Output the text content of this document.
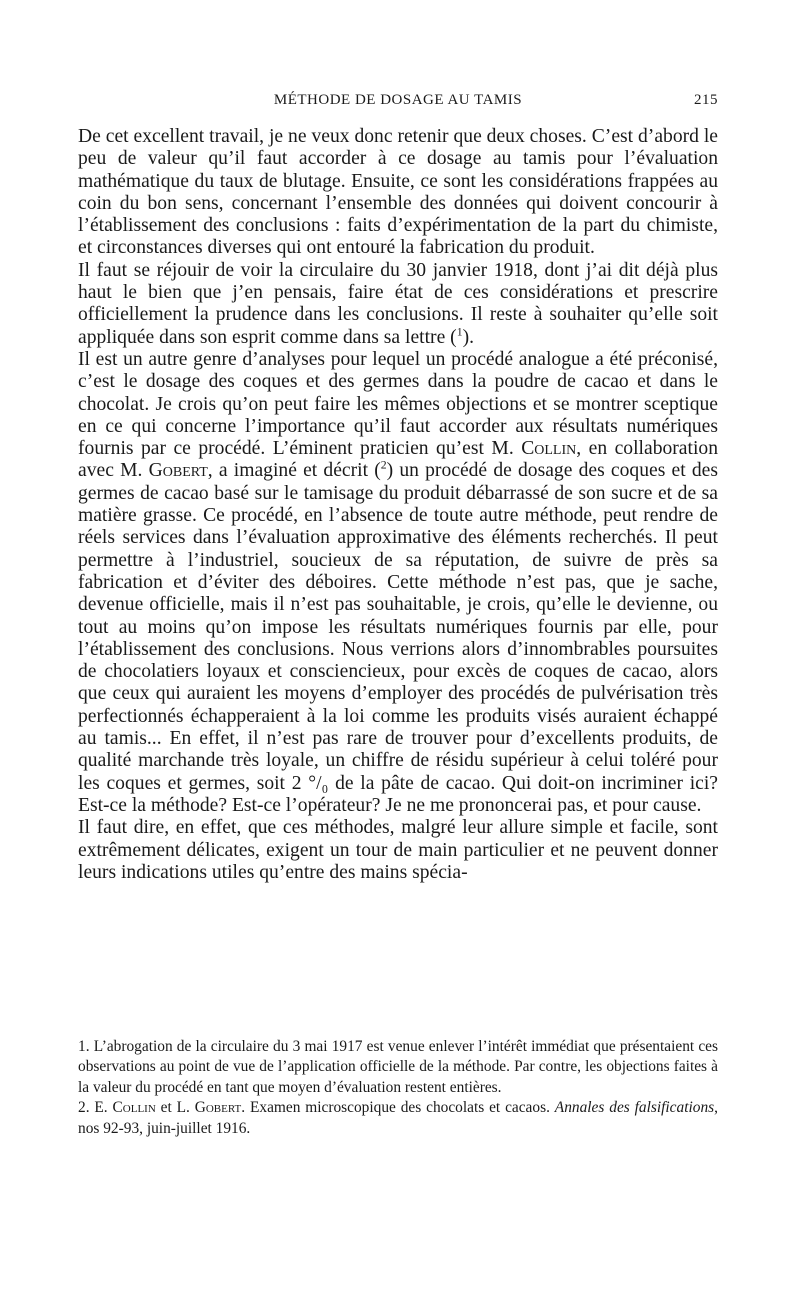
MÉTHODE DE DOSAGE AU TAMIS	215

De cet excellent travail, je ne veux donc retenir que deux choses. C’est d’abord le peu de valeur qu’il faut accorder à ce dosage au tamis pour l’évaluation mathématique du taux de blutage. Ensuite, ce sont les considérations frappées au coin du bon sens, concernant l’ensemble des données qui doivent concourir à l’établissement des conclusions : faits d’expérimentation de la part du chimiste, et circonstances diverses qui ont entouré la fabrication du produit.

Il faut se réjouir de voir la circulaire du 30 janvier 1918, dont j’ai dit déjà plus haut le bien que j’en pensais, faire état de ces considérations et prescrire officiellement la prudence dans les conclusions. Il reste à souhaiter qu’elle soit appliquée dans son esprit comme dans sa lettre ($^1$).

Il est un autre genre d’analyses pour lequel un procédé analogue a été préconisé, c’est le dosage des coques et des germes dans la poudre de cacao et dans le chocolat. Je crois qu’on peut faire les mêmes objections et se montrer sceptique en ce qui concerne l’importance qu’il faut accorder aux résultats numériques fournis par ce procédé. L’éminent praticien qu’est M. Collin, en collaboration avec M. Gobert, a imaginé et décrit ($^2$) un procédé de dosage des coques et des germes de cacao basé sur le tamisage du produit débarrassé de son sucre et de sa matière grasse. Ce procédé, en l’absence de toute autre méthode, peut rendre de réels services dans l’évaluation approximative des éléments recherchés. Il peut permettre à l’industriel, soucieux de sa réputation, de suivre de près sa fabrication et d’éviter des déboires. Cette méthode n’est pas, que je sache, devenue officielle, mais il n’est pas souhaitable, je crois, qu’elle le devienne, ou tout au moins qu’on impose les résultats numériques fournis par elle, pour l’établissement des conclusions. Nous verrions alors d’innombrables poursuites de chocolatiers loyaux et consciencieux, pour excès de coques de cacao, alors que ceux qui auraient les moyens d’employer des procédés de pulvérisation très perfectionnés échapperaient à la loi comme les produits visés auraient échappé au tamis... En effet, il n’est pas rare de trouver pour d’excellents produits, de qualité marchande très loyale, un chiffre de résidu supérieur à celui toléré pour les coques et germes, soit 2 °/₀ de la pâte de cacao. Qui doit-on incriminer ici? Est-ce la méthode? Est-ce l’opérateur? Je ne me prononcerai pas, et pour cause.

Il faut dire, en effet, que ces méthodes, malgré leur allure simple et facile, sont extrêmement délicates, exigent un tour de main particulier et ne peuvent donner leurs indications utiles qu’entre des mains spécia-

1. L’abrogation de la circulaire du 3 mai 1917 est venue enlever l’intérêt immédiat que présentaient ces observations au point de vue de l’application officielle de la méthode. Par contre, les objections faites à la valeur du procédé en tant que moyen d’évaluation restent entières.

2. E. Collin et L. Gobert. Examen microscopique des chocolats et cacaos. Annales des falsifications, nos 92-93, juin-juillet 1916.
